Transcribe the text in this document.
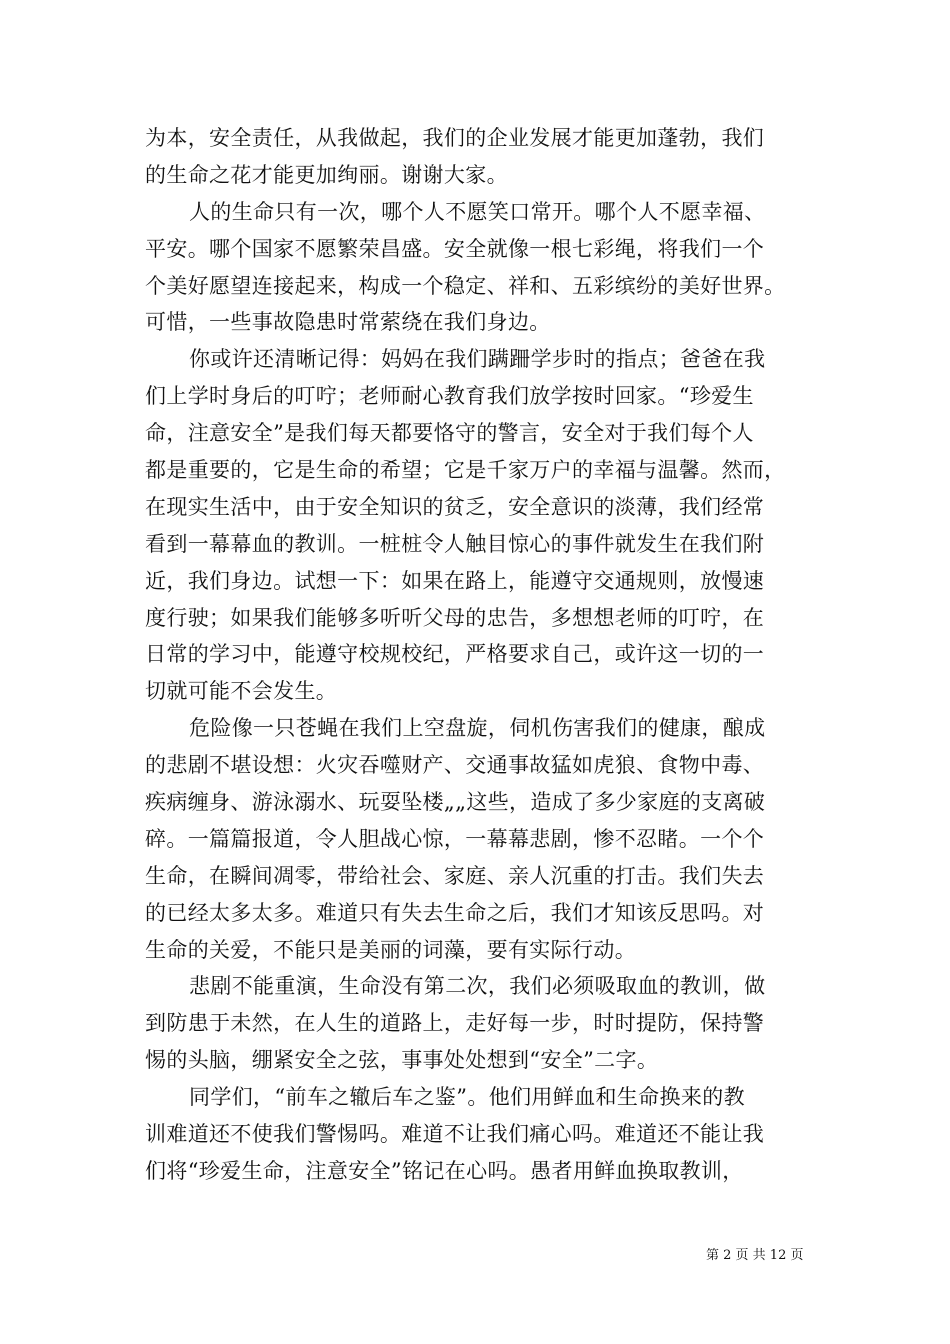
为本，安全责任，从我做起，我们的企业发展才能更加蓬勃，我们
的生命之花才能更加绚丽。谢谢大家。
人的生命只有一次，哪个人不愿笑口常开。哪个人不愿幸福、
平安。哪个国家不愿繁荣昌盛。安全就像一根七彩绳，将我们一个
个美好愿望连接起来，构成一个稳定、祥和、五彩缤纷的美好世界。
可惜，一些事故隐患时常萦绕在我们身边。
你或许还清晰记得：妈妈在我们蹒跚学步时的指点；爸爸在我
们上学时身后的叮咛；老师耐心教育我们放学按时回家。“珍爱生
命，注意安全”是我们每天都要恪守的警言，安全对于我们每个人
都是重要的，它是生命的希望；它是千家万户的幸福与温馨。然而，
在现实生活中，由于安全知识的贫乏，安全意识的淡薄，我们经常
看到一幕幕血的教训。一桩桩令人触目惊心的事件就发生在我们附
近，我们身边。试想一下：如果在路上，能遵守交通规则，放慢速
度行驶；如果我们能够多听听父母的忠告，多想想老师的叮咛，在
日常的学习中，能遵守校规校纪，严格要求自己，或许这一切的一
切就可能不会发生。
危险像一只苍蝇在我们上空盘旋，伺机伤害我们的健康，酿成
的悲剧不堪设想：火灾吞噬财产、交通事故猛如虎狼、食物中毒、
疾病缠身、游泳溺水、玩耍坠楼„„这些，造成了多少家庭的支离破
碎。一篇篇报道，令人胆战心惊，一幕幕悲剧，惨不忍睹。一个个
生命，在瞬间凋零，带给社会、家庭、亲人沉重的打击。我们失去
的已经太多太多。难道只有失去生命之后，我们才知该反思吗。对
生命的关爱，不能只是美丽的词藻，要有实际行动。
悲剧不能重演，生命没有第二次，我们必须吸取血的教训，做
到防患于未然，在人生的道路上，走好每一步，时时提防，保持警
惕的头脑，绷紧安全之弦，事事处处想到“安全”二字。
同学们，“前车之辙后车之鉴”。他们用鲜血和生命换来的教
训难道还不使我们警惕吗。难道不让我们痛心吗。难道还不能让我
们将“珍爱生命，注意安全”铭记在心吗。愚者用鲜血换取教训，
第 2 页 共 12 页
